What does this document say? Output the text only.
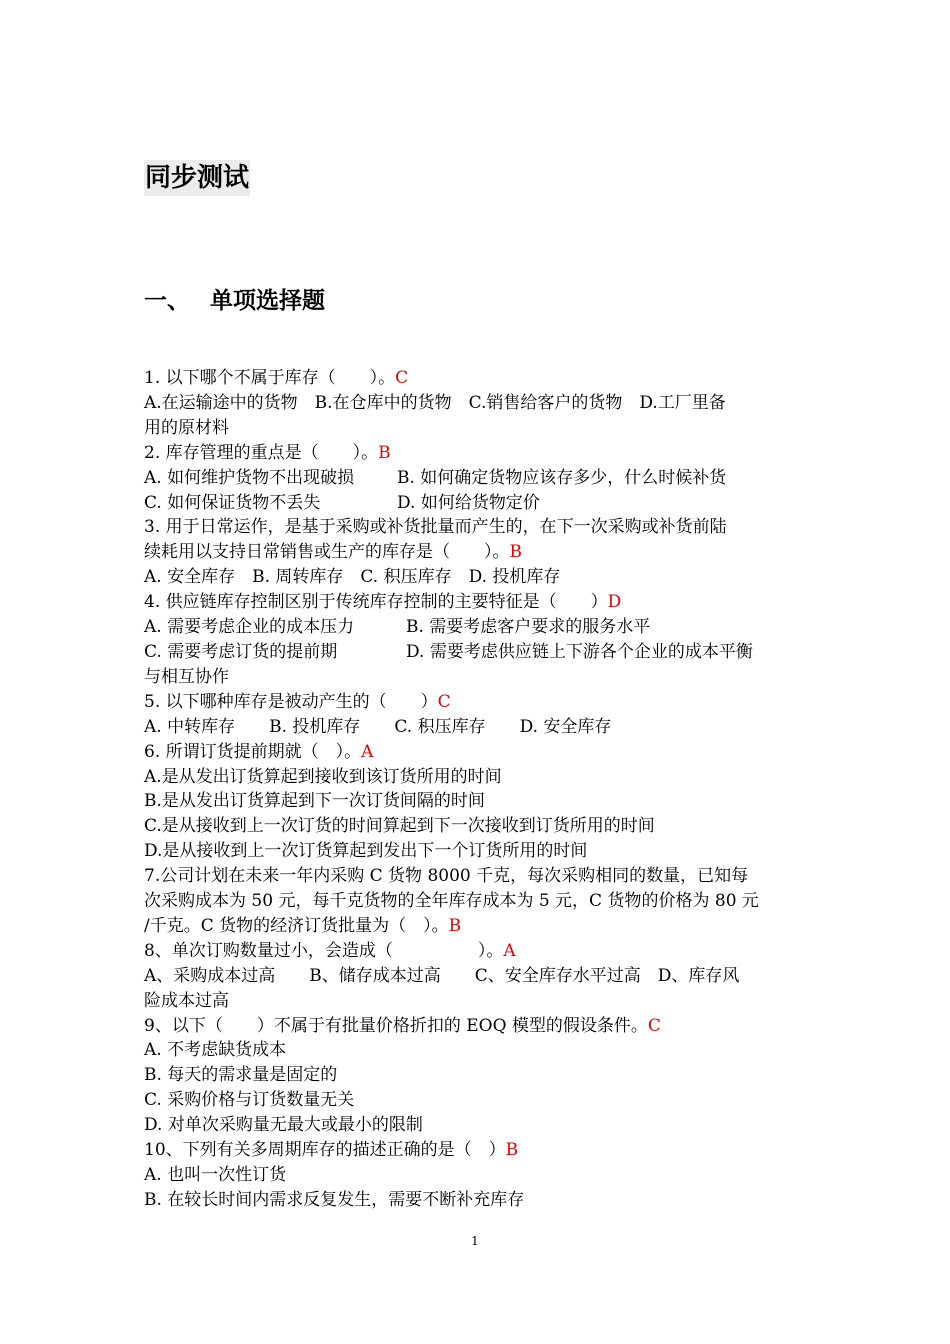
同步测试
一、 单项选择题
1. 以下哪个不属于库存（　　）。C
A.在运输途中的货物　B.在仓库中的货物　C.销售给客户的货物　D.工厂里备
用的原材料
2. 库存管理的重点是（　　）。B
A. 如何维护货物不出现破损	B. 如何确定货物应该存多少，什么时候补货
C. 如何保证货物不丢失	D. 如何给货物定价
3. 用于日常运作，是基于采购或补货批量而产生的，在下一次采购或补货前陆
续耗用以支持日常销售或生产的库存是（　　）。B
A. 安全库存　B. 周转库存　C. 积压库存　D. 投机库存
4. 供应链库存控制区别于传统库存控制的主要特征是（　　）D
A. 需要考虑企业的成本压力	B. 需要考虑客户要求的服务水平
C. 需要考虑订货的提前期	D. 需要考虑供应链上下游各个企业的成本平衡
与相互协作
5. 以下哪种库存是被动产生的（　　）C
A. 中转库存　　B. 投机库存　　C. 积压库存　　D. 安全库存
6. 所谓订货提前期就（　）。A
A.是从发出订货算起到接收到该订货所用的时间
B.是从发出订货算起到下一次订货间隔的时间
C.是从接收到上一次订货的时间算起到下一次接收到订货所用的时间
D.是从接收到上一次订货算起到发出下一个订货所用的时间
7.公司计划在未来一年内采购 C 货物 8000 千克，每次采购相同的数量，已知每
次采购成本为 50 元，每千克货物的全年库存成本为 5 元，C 货物的价格为 80 元
/千克。C 货物的经济订货批量为（　）。B
8、单次订购数量过小，会造成（　　　　　）。A
A、采购成本过高　　B、储存成本过高　　C、安全库存水平过高　D、库存风
险成本过高
9、以下（　　）不属于有批量价格折扣的 EOQ 模型的假设条件。C
A. 不考虑缺货成本
B. 每天的需求量是固定的
C. 采购价格与订货数量无关
D. 对单次采购量无最大或最小的限制
10、下列有关多周期库存的描述正确的是（　）B
A. 也叫一次性订货
B. 在较长时间内需求反复发生，需要不断补充库存
1
